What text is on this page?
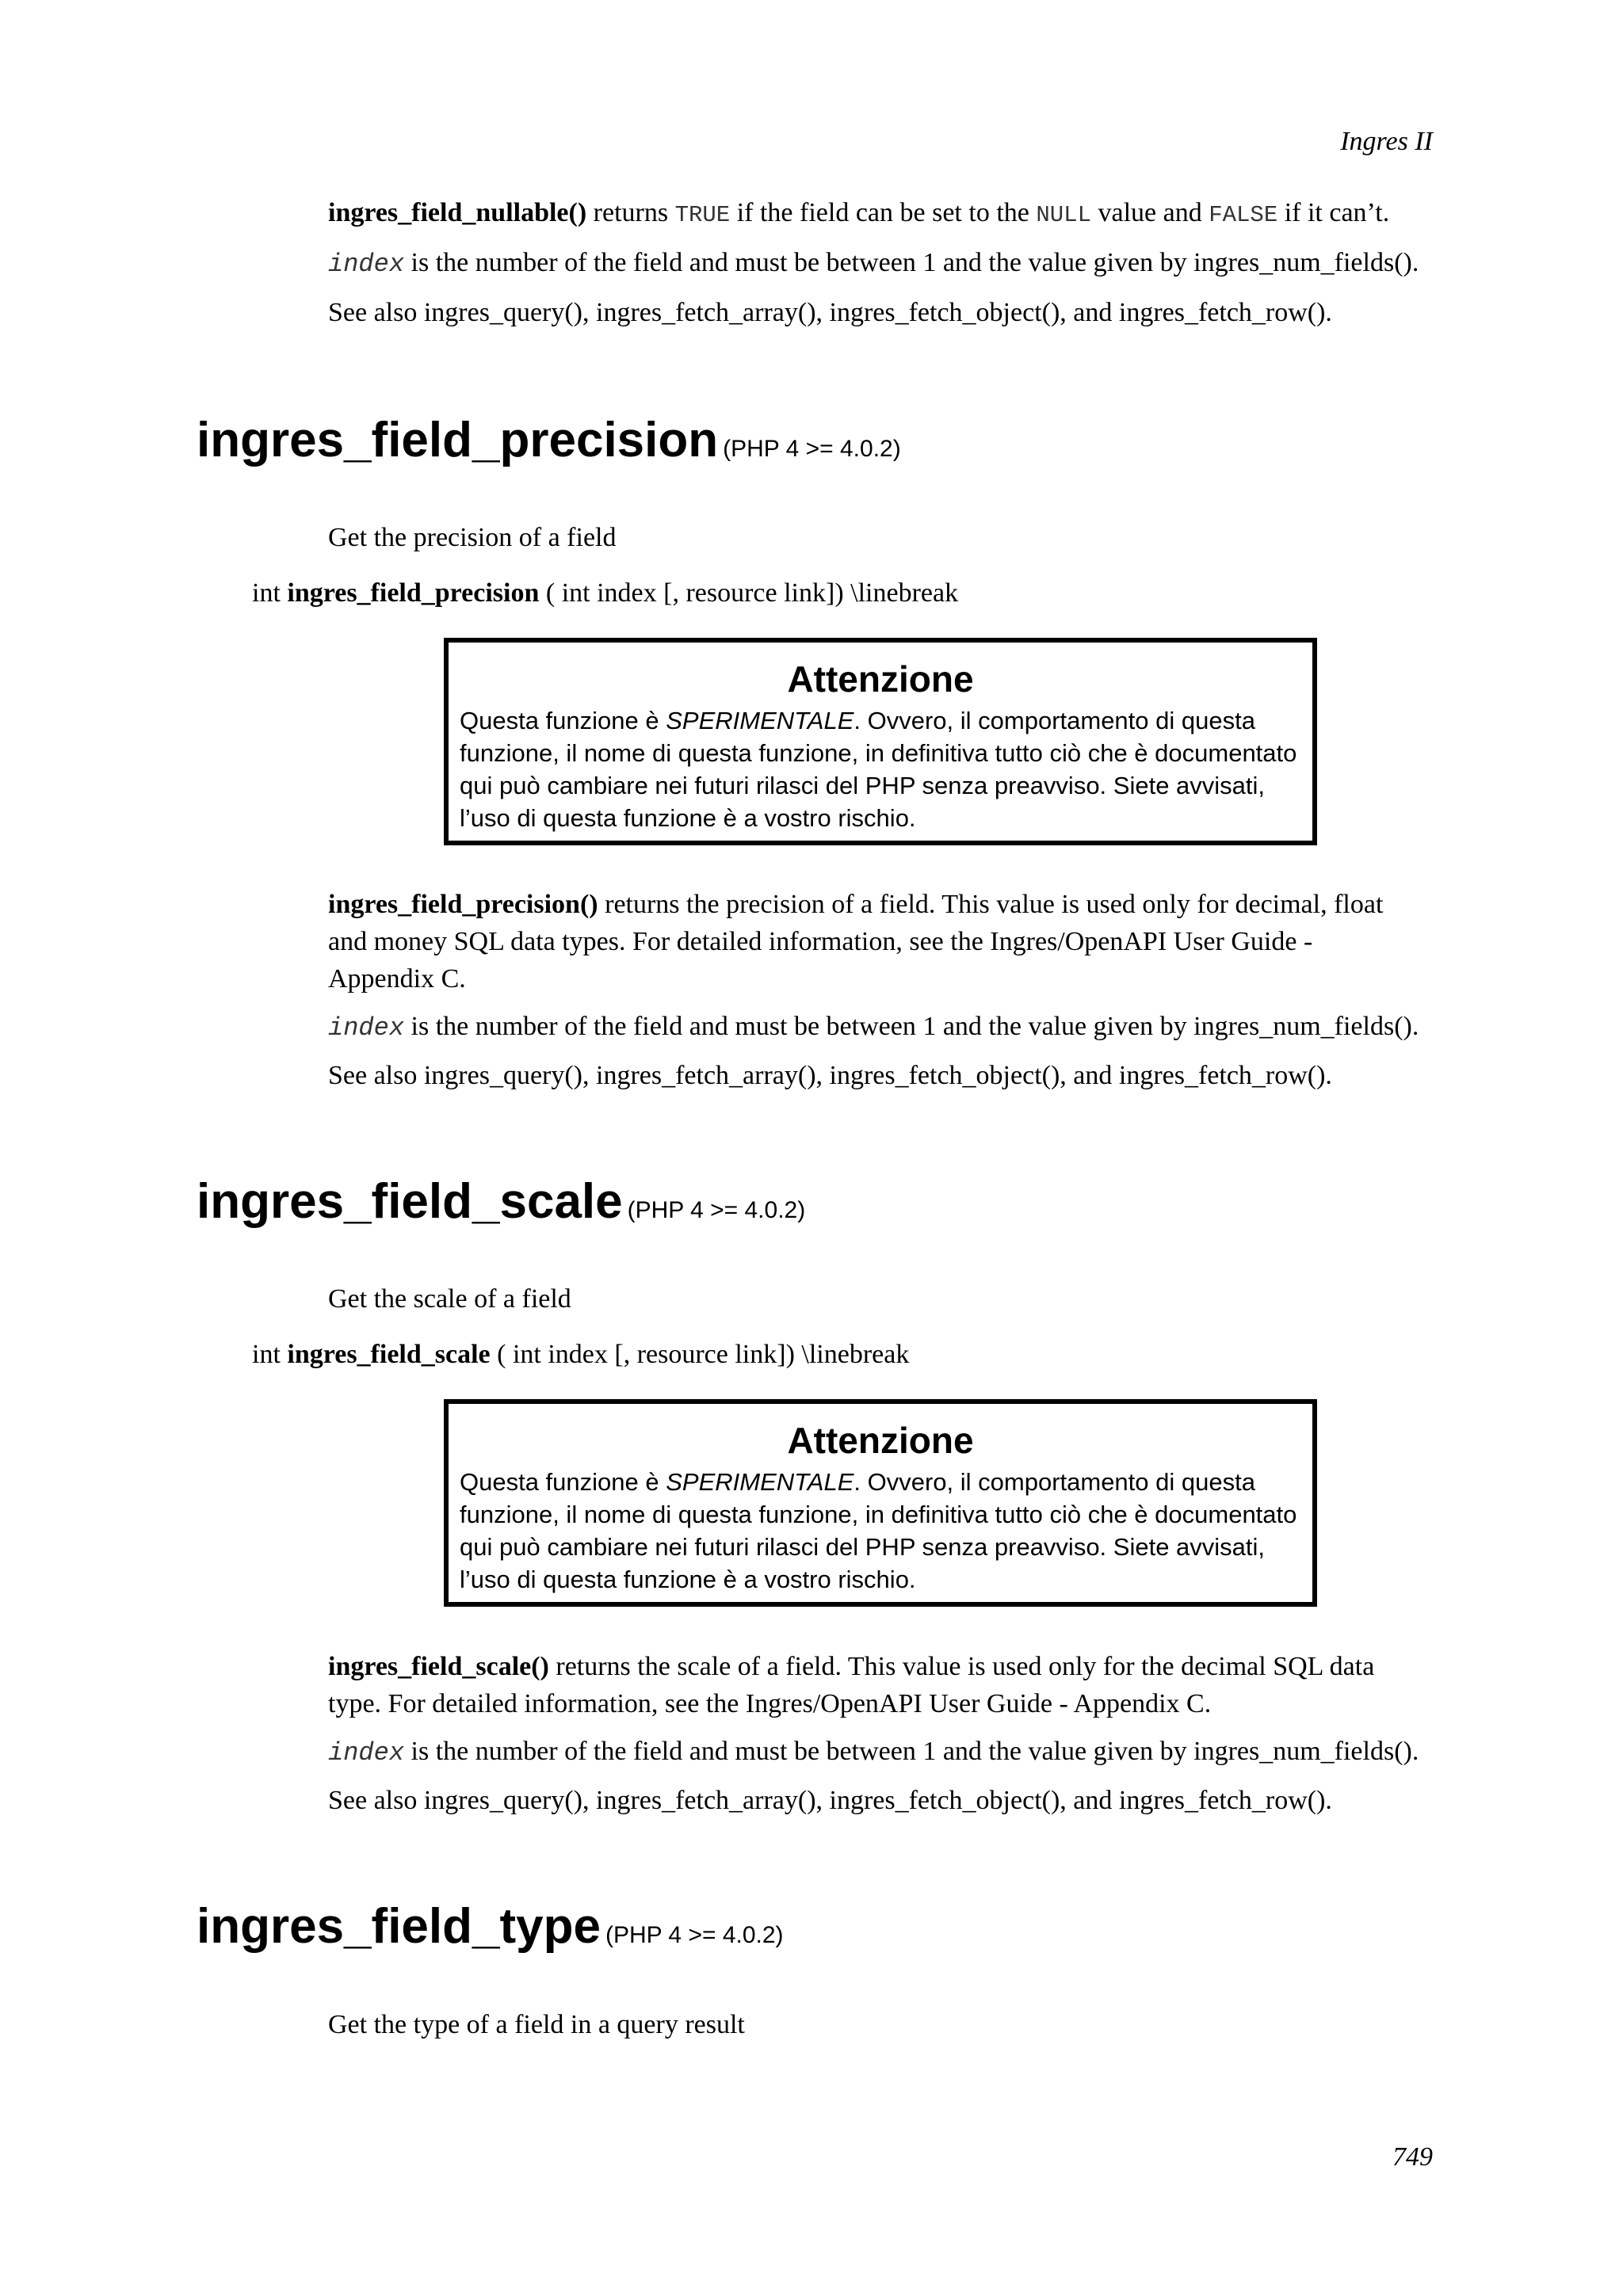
Ingres II
ingres_field_nullable() returns TRUE if the field can be set to the NULL value and FALSE if it can’t.
index is the number of the field and must be between 1 and the value given by ingres_num_fields().
See also ingres_query(), ingres_fetch_array(), ingres_fetch_object(), and ingres_fetch_row().
ingres_field_precision (PHP 4 >= 4.0.2)
Get the precision of a field
int ingres_field_precision ( int index [, resource link]) \linebreak
Attenzione
Questa funzione è SPERIMENTALE. Ovvero, il comportamento di questa
funzione, il nome di questa funzione, in definitiva tutto ciò che è documentato
qui può cambiare nei futuri rilasci del PHP senza preavviso. Siete avvisati,
l’uso di questa funzione è a vostro rischio.
ingres_field_precision() returns the precision of a field. This value is used only for decimal, float
and money SQL data types. For detailed information, see the Ingres/OpenAPI User Guide -
Appendix C.
index is the number of the field and must be between 1 and the value given by ingres_num_fields().
See also ingres_query(), ingres_fetch_array(), ingres_fetch_object(), and ingres_fetch_row().
ingres_field_scale (PHP 4 >= 4.0.2)
Get the scale of a field
int ingres_field_scale ( int index [, resource link]) \linebreak
Attenzione
Questa funzione è SPERIMENTALE. Ovvero, il comportamento di questa
funzione, il nome di questa funzione, in definitiva tutto ciò che è documentato
qui può cambiare nei futuri rilasci del PHP senza preavviso. Siete avvisati,
l’uso di questa funzione è a vostro rischio.
ingres_field_scale() returns the scale of a field. This value is used only for the decimal SQL data
type. For detailed information, see the Ingres/OpenAPI User Guide - Appendix C.
index is the number of the field and must be between 1 and the value given by ingres_num_fields().
See also ingres_query(), ingres_fetch_array(), ingres_fetch_object(), and ingres_fetch_row().
ingres_field_type (PHP 4 >= 4.0.2)
Get the type of a field in a query result
749
